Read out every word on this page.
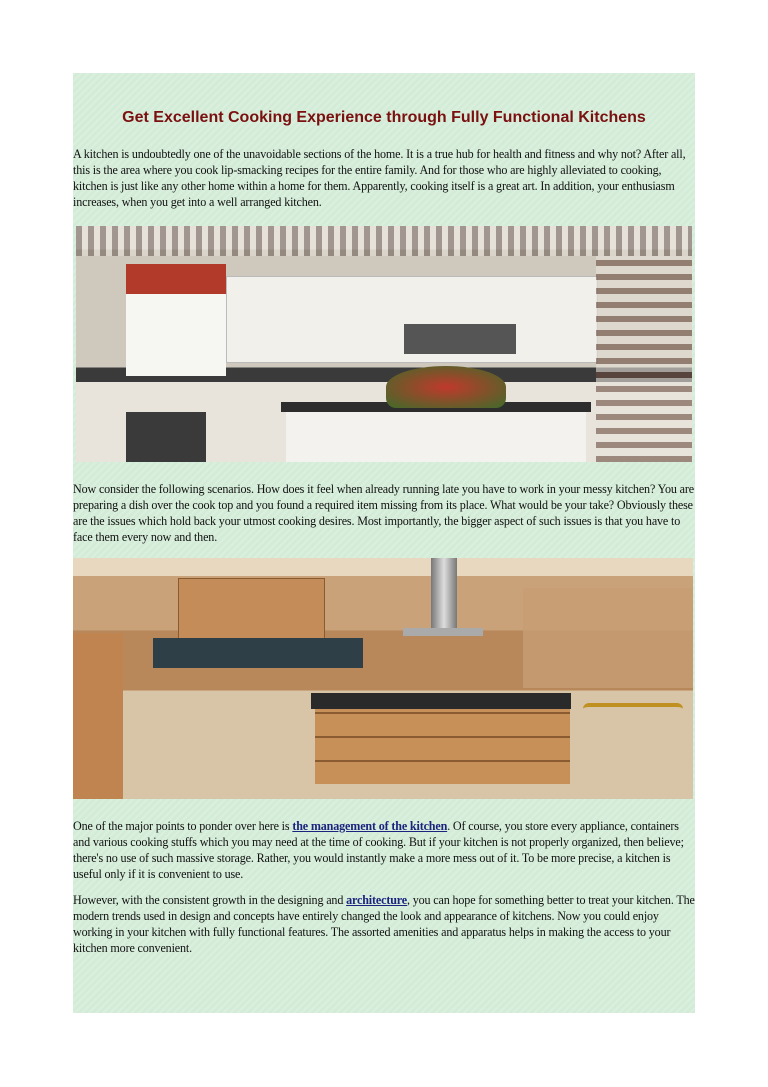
Get Excellent Cooking Experience through Fully Functional Kitchens
A kitchen is undoubtedly one of the unavoidable sections of the home. It is a true hub for health and fitness and why not? After all, this is the area where you cook lip-smacking recipes for the entire family. And for those who are highly alleviated to cooking, kitchen is just like any other home within a home for them. Apparently, cooking itself is a great art. In addition, your enthusiasm increases, when you get into a well arranged kitchen.
Now consider the following scenarios. How does it feel when already running late you have to work in your messy kitchen? You are preparing a dish over the cook top and you found a required item missing from its place. What would be your take? Obviously these are the issues which hold back your utmost cooking desires. Most importantly, the bigger aspect of such issues is that you have to face them every now and then.
One of the major points to ponder over here is the management of the kitchen. Of course, you store every appliance, containers and various cooking stuffs which you may need at the time of cooking. But if your kitchen is not properly organized, then believe; there's no use of such massive storage. Rather, you would instantly make a more mess out of it. To be more precise, a kitchen is useful only if it is convenient to use.
However, with the consistent growth in the designing and architecture, you can hope for something better to treat your kitchen. The modern trends used in design and concepts have entirely changed the look and appearance of kitchens. Now you could enjoy working in your kitchen with fully functional features. The assorted amenities and apparatus helps in making the access to your kitchen more convenient.
